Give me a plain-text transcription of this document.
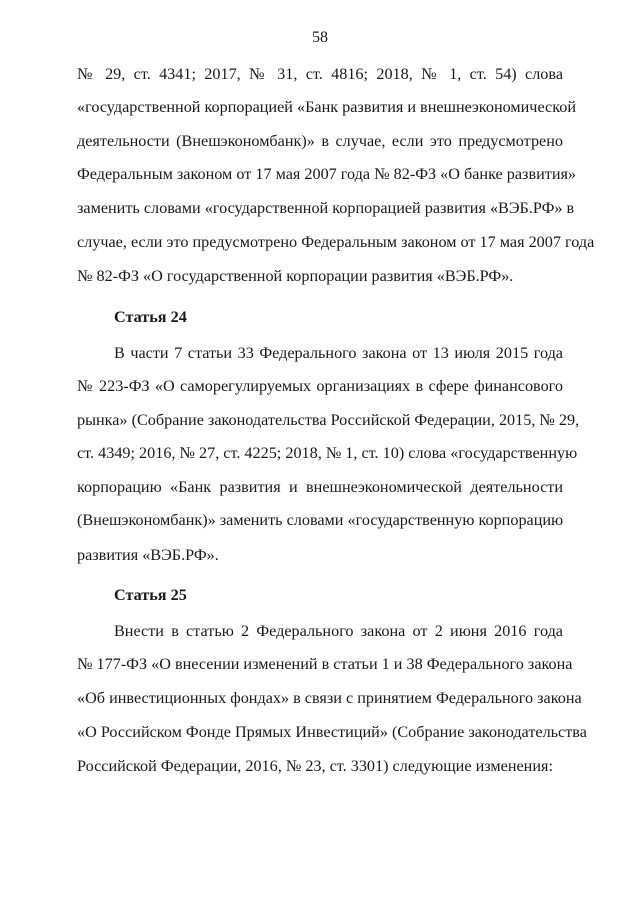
58
№ 29, ст. 4341; 2017, № 31, ст. 4816; 2018, № 1, ст. 54) слова
«государственной корпорацией «Банк развития и внешнеэкономической
деятельности (Внешэкономбанк)» в случае, если это предусмотрено
Федеральным законом от 17 мая 2007 года № 82-ФЗ «О банке развития»
заменить словами «государственной корпорацией развития «ВЭБ.РФ» в
случае, если это предусмотрено Федеральным законом от 17 мая 2007 года
№ 82-ФЗ «О государственной корпорации развития «ВЭБ.РФ».
Статья 24
В части 7 статьи 33 Федерального закона от 13 июля 2015 года
№ 223-ФЗ «О саморегулируемых организациях в сфере финансового
рынка» (Собрание законодательства Российской Федерации, 2015, № 29,
ст. 4349; 2016, № 27, ст. 4225; 2018, № 1, ст. 10) слова «государственную
корпорацию «Банк развития и внешнеэкономической деятельности
(Внешэкономбанк)» заменить словами «государственную корпорацию
развития «ВЭБ.РФ».
Статья 25
Внести в статью 2 Федерального закона от 2 июня 2016 года
№ 177-ФЗ «О внесении изменений в статьи 1 и 38 Федерального закона
«Об инвестиционных фондах» в связи с принятием Федерального закона
«О Российском Фонде Прямых Инвестиций» (Собрание законодательства
Российской Федерации, 2016, № 23, ст. 3301) следующие изменения:
